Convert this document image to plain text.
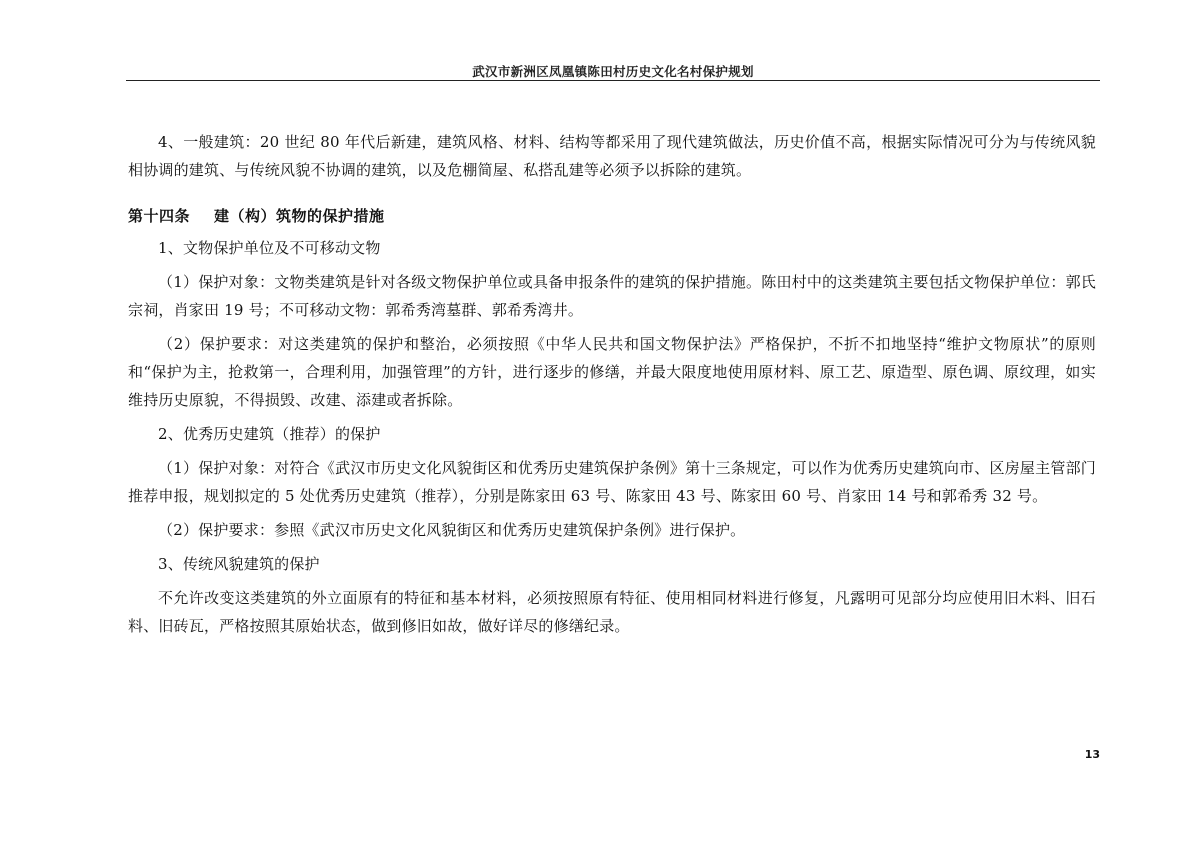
武汉市新洲区凤凰镇陈田村历史文化名村保护规划

4、一般建筑：20 世纪 80 年代后新建，建筑风格、材料、结构等都采用了现代建筑做法，历史价值不高，根据实际情况可分为与传统风貌相协调的建筑、与传统风貌不协调的建筑，以及危棚简屋、私搭乱建等必须予以拆除的建筑。

第十四条 建（构）筑物的保护措施

1、文物保护单位及不可移动文物

（1）保护对象：文物类建筑是针对各级文物保护单位或具备申报条件的建筑的保护措施。陈田村中的这类建筑主要包括文物保护单位：郭氏宗祠，肖家田 19 号；不可移动文物：郭希秀湾墓群、郭希秀湾井。

（2）保护要求：对这类建筑的保护和整治，必须按照《中华人民共和国文物保护法》严格保护，不折不扣地坚持“维护文物原状”的原则和“保护为主，抢救第一，合理利用，加强管理”的方针，进行逐步的修缮，并最大限度地使用原材料、原工艺、原造型、原色调、原纹理，如实维持历史原貌，不得损毁、改建、添建或者拆除。

2、优秀历史建筑（推荐）的保护

（1）保护对象：对符合《武汉市历史文化风貌街区和优秀历史建筑保护条例》第十三条规定，可以作为优秀历史建筑向市、区房屋主管部门推荐申报，规划拟定的 5 处优秀历史建筑（推荐），分别是陈家田 63 号、陈家田 43 号、陈家田 60 号、肖家田 14 号和郭希秀 32 号。

（2）保护要求：参照《武汉市历史文化风貌街区和优秀历史建筑保护条例》进行保护。

3、传统风貌建筑的保护

不允许改变这类建筑的外立面原有的特征和基本材料，必须按照原有特征、使用相同材料进行修复，凡露明可见部分均应使用旧木料、旧石料、旧砖瓦，严格按照其原始状态，做到修旧如故，做好详尽的修缮纪录。

13
